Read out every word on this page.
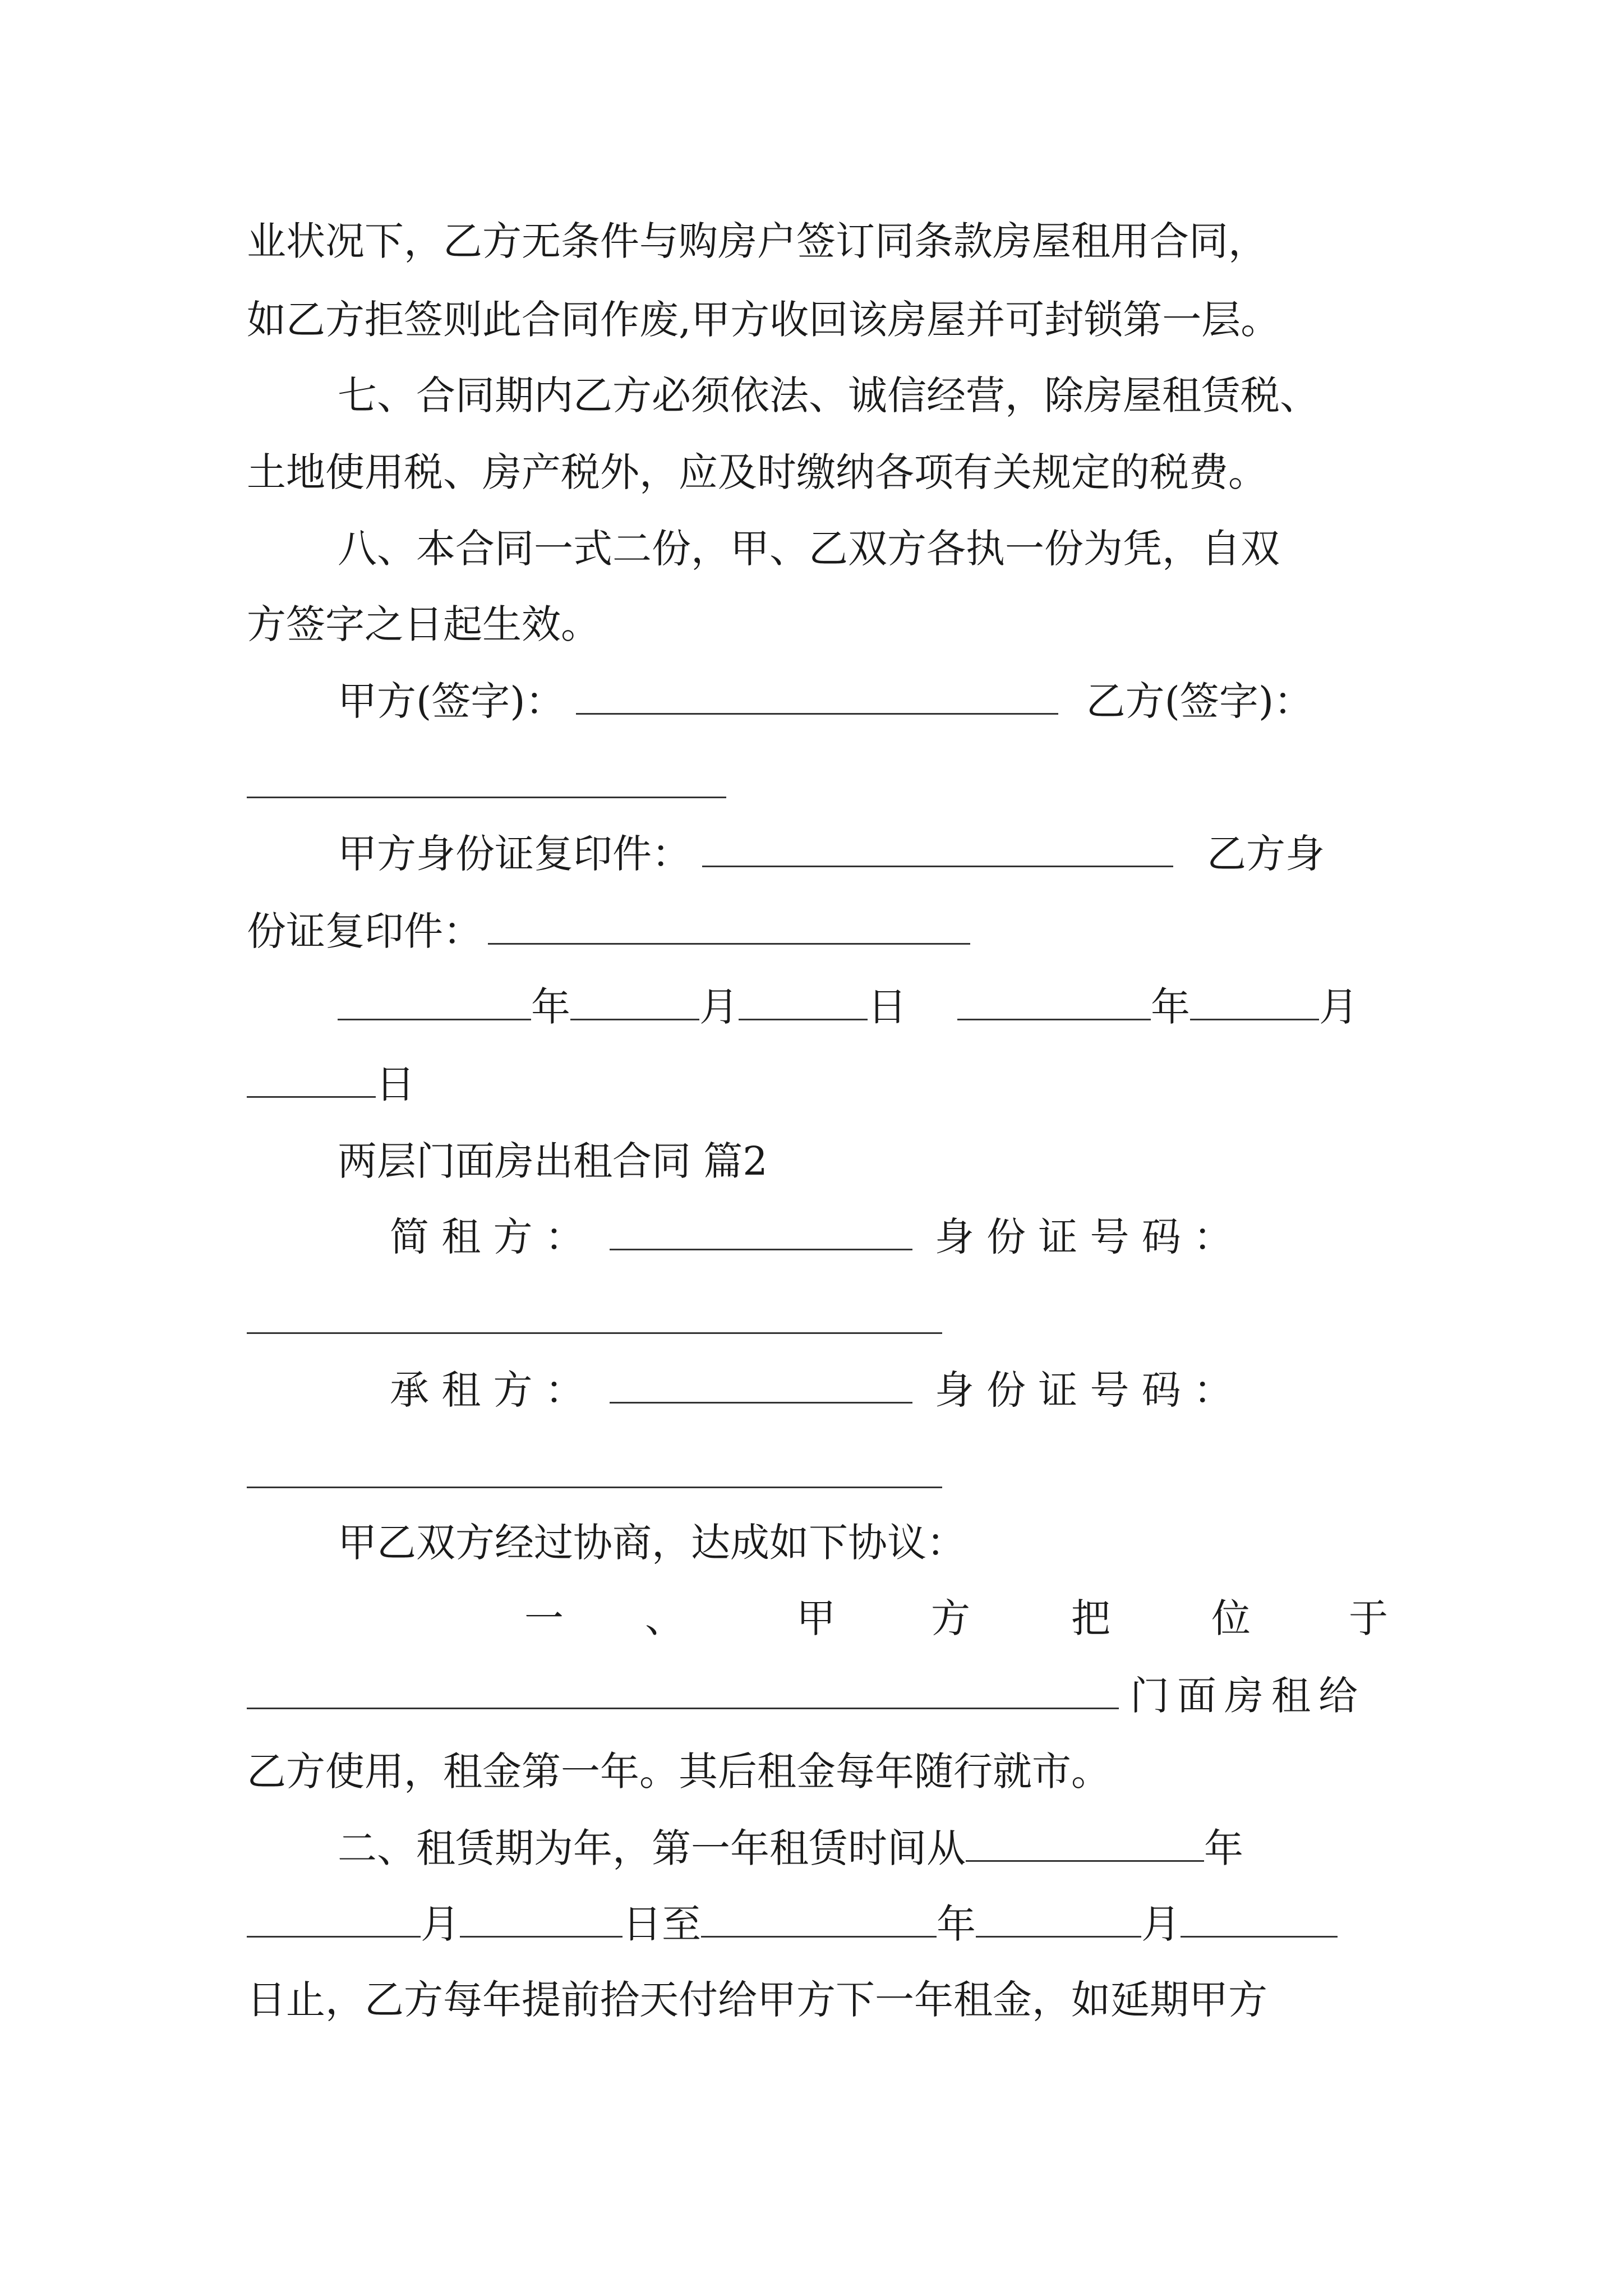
业状况下，乙方无条件与购房户签订同条款房屋租用合同，
如乙方拒签则此合同作废,甲方收回该房屋并可封锁第一层。
七、合同期内乙方必须依法、诚信经营，除房屋租赁税、
土地使用税、房产税外，应及时缴纳各项有关规定的税费。
八、本合同一式二份，甲、乙双方各执一份为凭，自双
方签字之日起生效。
甲方(签字)：	乙方(签字)：
甲方身份证复印件：	乙方身
份证复印件：
年	月	日	年	月
日
两层门面房出租合同 篇2
简 租 方 ：	身 份 证 号 码 ：
承 租 方 ：	身 份 证 号 码 ：
甲乙双方经过协商，达成如下协议：
一 、	甲 方	把	位	于
门面房租给
乙方使用，租金第一年。其后租金每年随行就市。
二、租赁期为年，第一年租赁时间从	年
月	日至	年	月
日止，乙方每年提前拾天付给甲方下一年租金，如延期甲方
